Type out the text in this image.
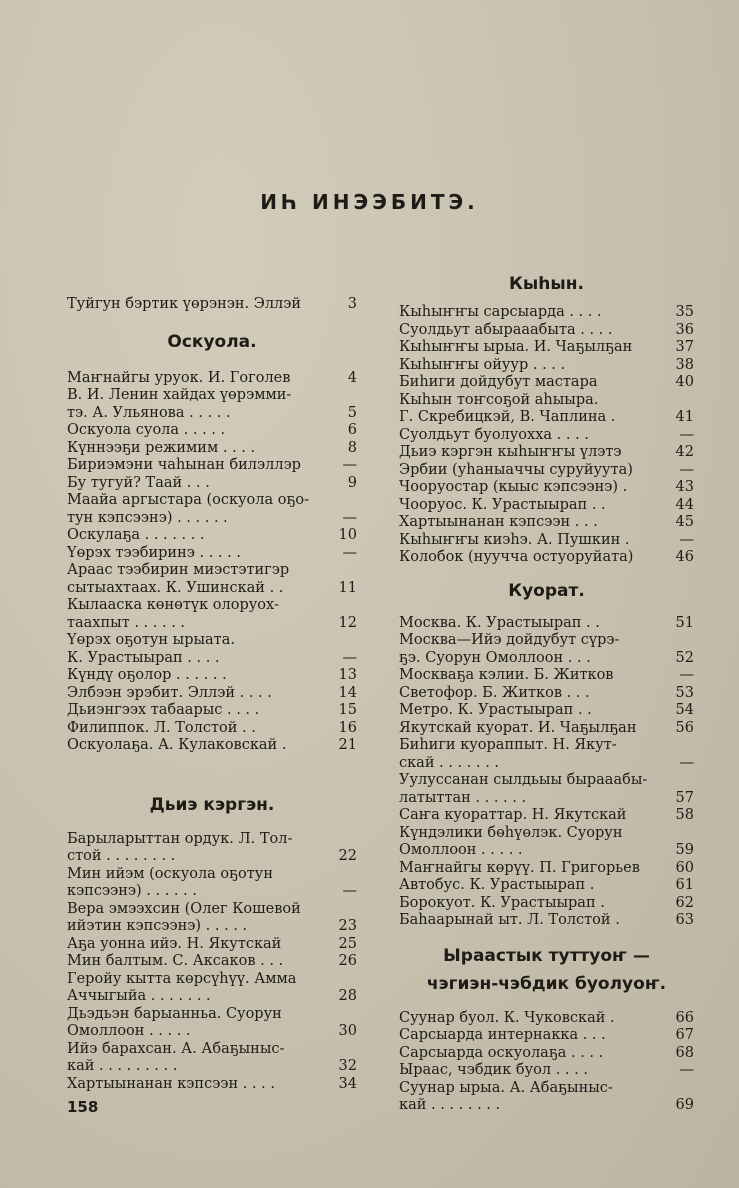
ИҺ ИНЭЭБИТЭ.
Туйгун бэртик үөрэнэн. Эллэй	3
Оскуола.
Маҥнайгы уруок. И. Гоголев	4
В. И. Ленин хайдах үөрэмми-
тэ. А. Ульянова . . . . .	5
Оскуола суола . . . . .	6
Күннээҕи режимим . . . .	8
Бириэмэни чаһынан билэллэр	—
Бу тугуй? Таай . . .	9
Маайа аргыстара (оскуола оҕо-
тун кэпсээнэ) . . . . . .	—
Оскулаҕа . . . . . . .	10
Үөрэх тээбиринэ . . . . .	—
Араас тээбирин миэстэтигэр
сытыахтаах. К. Ушинскай . .	11
Кылааска көнөтүк олоруох-
таахпыт . . . . . .	12
Үөрэх оҕотун ырыата.
К. Урастыырап . . . .	—
Күндү оҕолор . . . . . .	13
Элбээн эрэбит. Эллэй . . . .	14
Дьиэнгээх табаарыс . . . .	15
Филиппок. Л. Толстой . .	16
Оскуолаҕа. А. Кулаковскай .	21
Дьиэ кэргэн.
Барыларыттан ордук. Л. Тол-
стой . . . . . . . .	22
Мин ийэм (оскуола оҕотун
кэпсээнэ) . . . . . .	—
Вера эмээхсин (Олег Кошевой
ийэтин кэпсээнэ) . . . . .	23
Аҕа уонна ийэ. Н. Якутскай	25
Мин балтым. С. Аксаков . . .	26
Геройу кытта көрсүһүү. Амма
Аччыгыйа . . . . . . .	28
Дьэдьэн барыанньа. Суорун
Омоллоон . . . . .	30
Ийэ барахсан. А. Абаҕыныс-
кай . . . . . . . . .	32
Хартыынанан кэпсээн . . . .	34
Кыһын.
Кыһыҥҥы сарсыарда . . . .	35
Суолдьут абырааабыта . . . .	36
Кыһыҥҥы ырыа. И. Чаҕылҕан	37
Кыһыҥҥы ойуур . . . .	38
Биһиги дойдубут мастара	40
Кыһын тоҥсоҕой аһыыра.
Г. Скребицкэй, В. Чаплина .	41
Суолдьут буолуохха . . . .	—
Дьиэ кэргэн кыһыҥҥы үлэтэ	42
Эрбии (уһаныаччы суруйуута)	—
Чооруостар (кыыс кэпсээнэ) .	43
Чооруос. К. Урастыырап . .	44
Хартыынанан кэпсээн . . .	45
Кыһыҥҥы киэһэ. А. Пушкин .	—
Колобок (нуучча остуоруйата)	46
Куорат.
Москва. К. Урастыырап . .	51
Москва—Ийэ дойдубут сүрэ-
ҕэ. Суорун Омоллоон . . .	52
Москваҕа кэлии. Б. Житков	—
Светофор. Б. Житков . . .	53
Метро. К. Урастыырап . .	54
Якутскай куорат. И. Чаҕылҕан	56
Биһиги куораппыт. Н. Якут-
скай . . . . . . .	—
Уулуссанан сылдьыы бырааабы-
латыттан . . . . . .	57
Саҥа куораттар. Н. Якутскай	58
Күндэлики бөһүөлэк. Суорун
Омоллоон . . . . .	59
Маҥнайгы көрүү. П. Григорьев	60
Автобус. К. Урастыырап .	61
Борокуот. К. Урастыырап .	62
Баһаарынай ыт. Л. Толстой .	63
Ыраастык туттуоҥ —
чэгиэн-чэбдик буолуоҥ.
Суунар буол. К. Чуковскай .	66
Сарсыарда интернакка . . .	67
Сарсыарда оскуолаҕа . . . .	68
Ыраас, чэбдик буол . . . .	—
Суунар ырыа. А. Абаҕыныс-
кай . . . . . . . .	69
158
